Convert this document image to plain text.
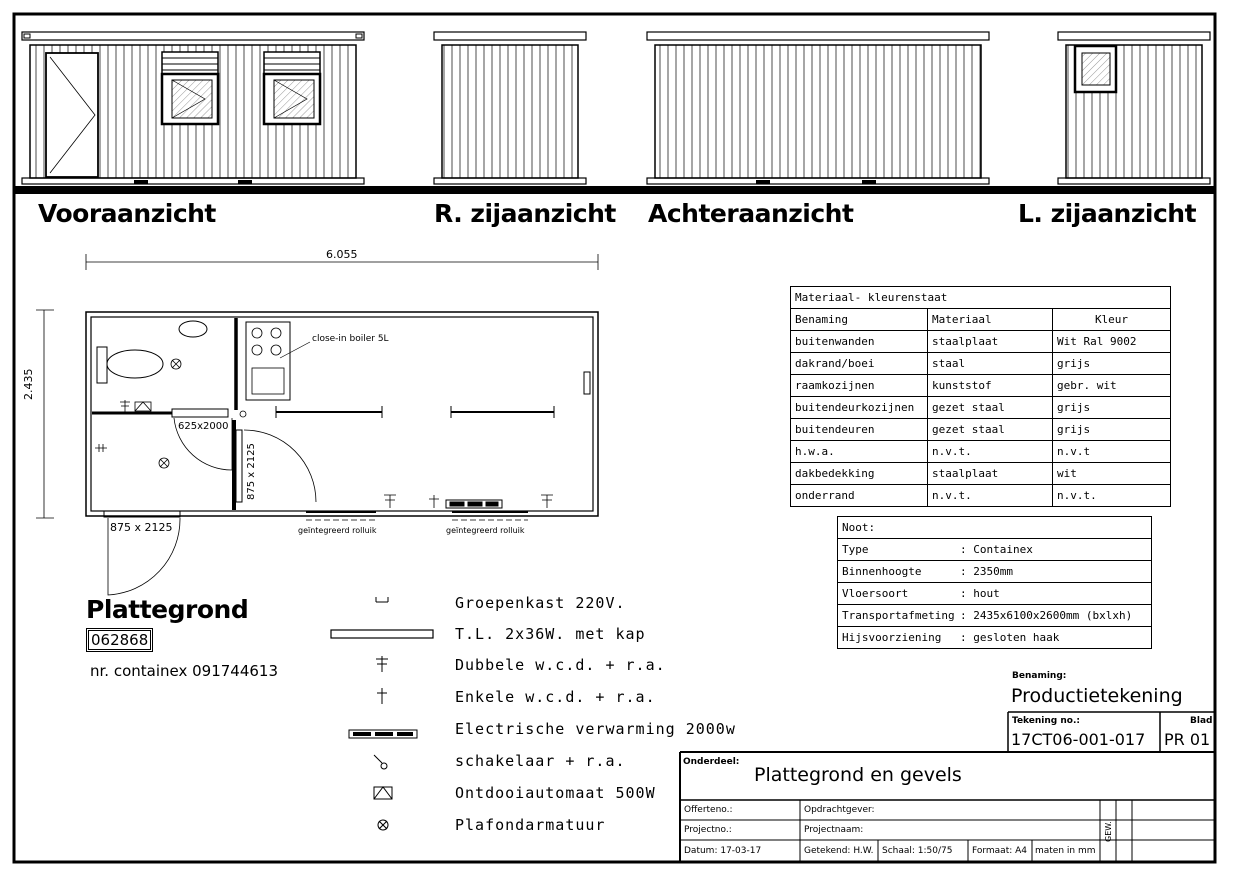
Vooraanzicht	R. zijaanzicht Achteraanzicht	L. zijaanzicht
6.055
2.435
close-in boiler 5L
625x2000
875 x 2125
875 x 2125	geïntegreerd rolluik	geïntegreerd rolluik
Plattegrond
062868
nr. containex 091744613
Materiaal- kleurenstaat		
Benaming	Materiaal	Kleur
buitenwanden	staalplaat	Wit Ral 9002
dakrand/boei	staal	grijs
raamkozijnen	kunststof	gebr. wit
buitendeurkozijnen	gezet staal	grijs
buitendeuren	gezet staal	grijs
h.w.a.	n.v.t.	n.v.t
dakbedekking	staalplaat	wit
onderrand	n.v.t.	n.v.t.
Noot:
Type	: Containex
Binnenhoogte	: 2350mm
Vloersoort	: hout
Transportafmeting : 2435x6100x2600mm (bxlxh)
Hijsvoorziening : gesloten haak
Groepenkast 220V.
T.L. 2x36W. met kap
Dubbele w.c.d. + r.a.
Enkele w.c.d. + r.a.
Electrische verwarming 2000w
schakelaar + r.a.
Ontdooiautomaat 500W
Plafondarmatuur
Benaming:
Productietekening
Tekening no.:
17CT06-001-017
Blad:
PR 01
Onderdeel:
Plattegrond en gevels
Offerteno.:	Opdrachtgever:
Projectno.:	Projectnaam:
Datum: 17-03-17	Getekend: H.W. Schaal: 1:50/75 Formaat: A4 maten in mm
GEW.
